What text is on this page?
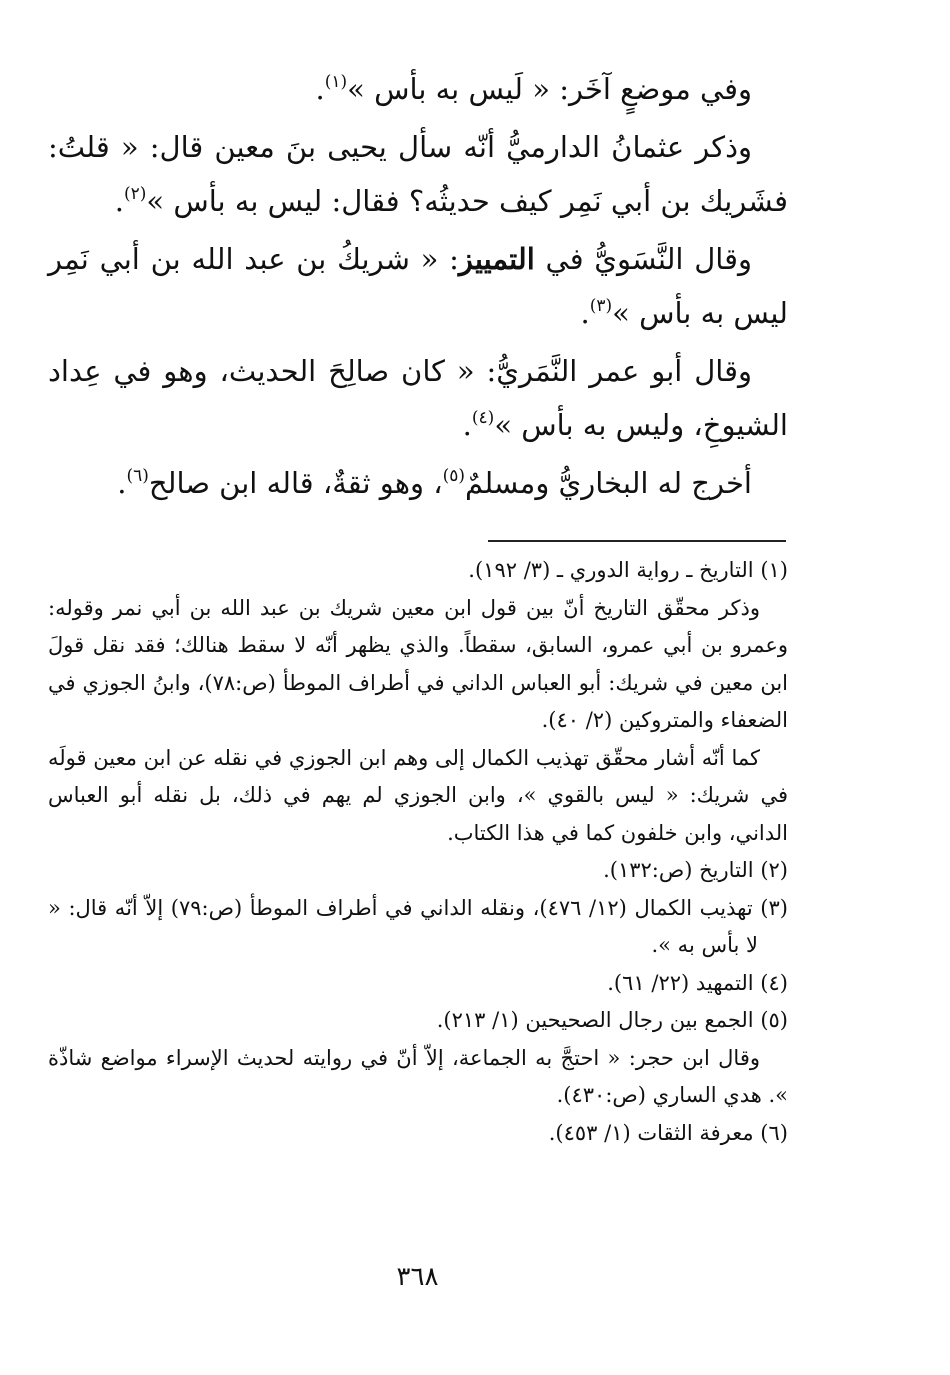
وفي موضعٍ آخَر: « لَيس به بأس »$^{(١)}$.

وذكر عثمانُ الدارميُّ أنّه سأل يحيى بنَ معين قال: « قلتُ: فشَريك بن أبي نَمِر كيف حديثُه؟ فقال: ليس به بأس »$^{(٢)}$.

وقال النَّسَويُّ في التمييز: « شريكُ بن عبد الله بن أبي نَمِر ليس به بأس »$^{(٣)}$.

وقال أبو عمر النَّمَريُّ: « كان صالِحَ الحديث، وهو في عِداد الشيوخِ، وليس به بأس »$^{(٤)}$.

أخرج له البخاريُّ ومسلمٌ$^{(٥)}$، وهو ثقةٌ، قاله ابن صالح$^{(٦)}$.

(١) التاريخ ـ رواية الدوري ـ (٣/ ١٩٢).

وذكر محقّق التاريخ أنّ بين قول ابن معين شريك بن عبد الله بن أبي نمر وقوله: وعمرو بن أبي عمرو، السابق، سقطاً. والذي يظهر أنّه لا سقط هنالك؛ فقد نقل قولَ ابن معين في شريك: أبو العباس الداني في أطراف الموطأ (ص:٧٨)، وابنُ الجوزي في الضعفاء والمتروكين (٢/ ٤٠).

كما أنّه أشار محقّق تهذيب الكمال إلى وهم ابن الجوزي في نقله عن ابن معين قولَه في شريك: « ليس بالقوي »، وابن الجوزي لم يهم في ذلك، بل نقله أبو العباس الداني، وابن خلفون كما في هذا الكتاب.

(٢) التاريخ (ص:١٣٢).

(٣) تهذيب الكمال (١٢/ ٤٧٦)، ونقله الداني في أطراف الموطأ (ص:٧٩) إلاّ أنّه قال: « لا بأس به ».

(٤) التمهيد (٢٢/ ٦١).

(٥) الجمع بين رجال الصحيحين (١/ ٢١٣).

وقال ابن حجر: « احتجَّ به الجماعة، إلاّ أنّ في روايته لحديث الإسراء مواضع شاذّة ». هدي الساري (ص:٤٣٠).

(٦) معرفة الثقات (١/ ٤٥٣).

٣٦٨
